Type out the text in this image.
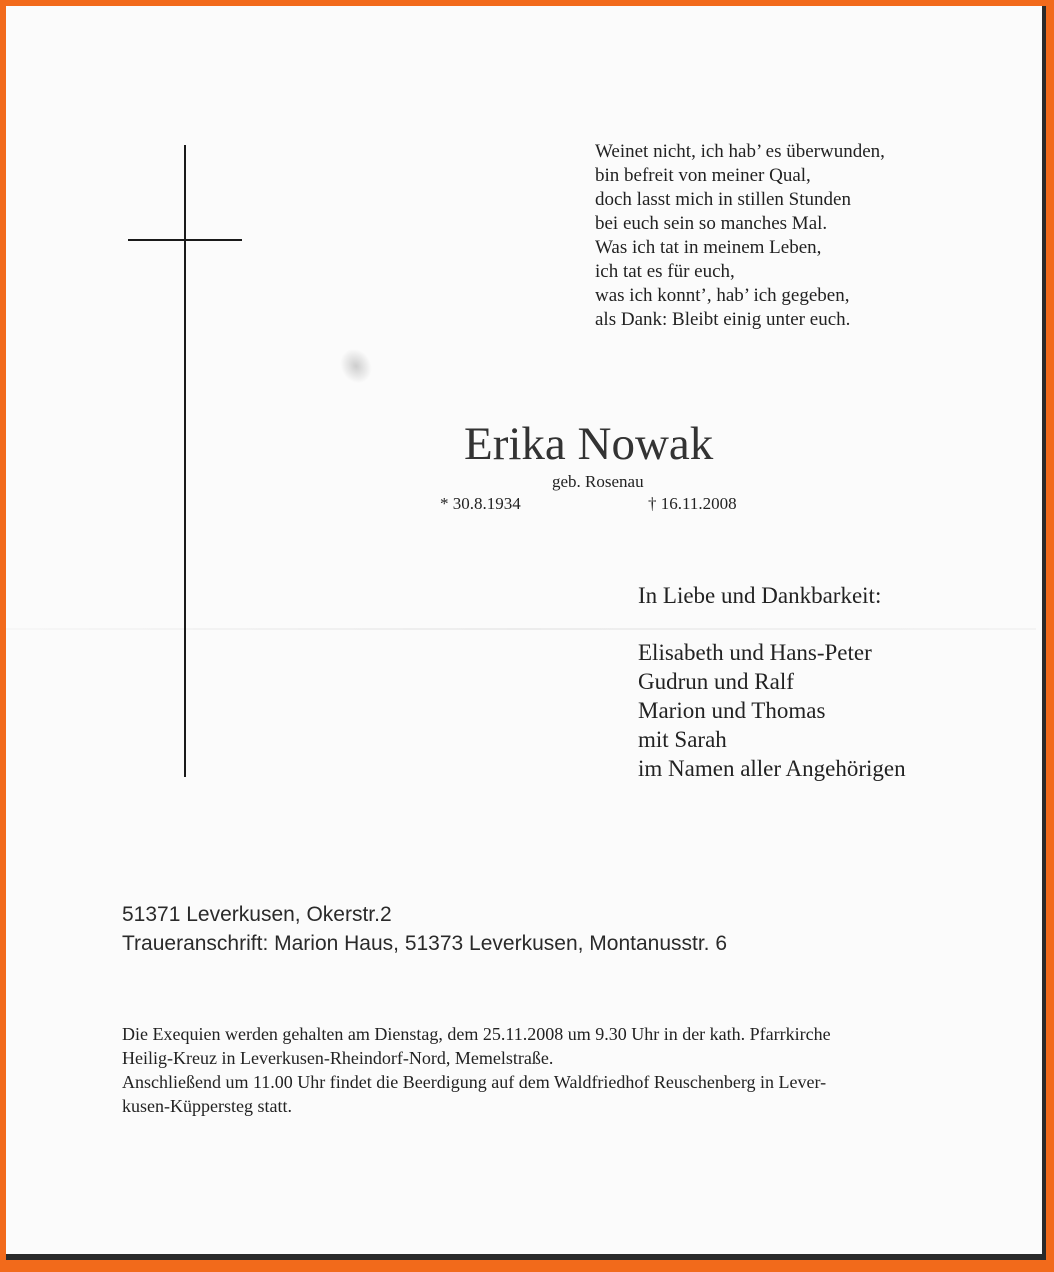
Weinet nicht, ich hab’ es überwunden,
bin befreit von meiner Qual,
doch lasst mich in stillen Stunden
bei euch sein so manches Mal.
Was ich tat in meinem Leben,
ich tat es für euch,
was ich konnt’, hab’ ich gegeben,
als Dank: Bleibt einig unter euch.
Erika Nowak
geb. Rosenau
* 30.8.1934	† 16.11.2008
In Liebe und Dankbarkeit:
Elisabeth und Hans-Peter
Gudrun und Ralf
Marion und Thomas
mit Sarah
im Namen aller Angehörigen
51371 Leverkusen, Okerstr.2
Traueranschrift: Marion Haus, 51373 Leverkusen, Montanusstr. 6
Die Exequien werden gehalten am Dienstag, dem 25.11.2008 um 9.30 Uhr in der kath. Pfarrkirche
Heilig-Kreuz in Leverkusen-Rheindorf-Nord, Memelstraße.
Anschließend um 11.00 Uhr findet die Beerdigung auf dem Waldfriedhof Reuschenberg in Lever-
kusen-Küppersteg statt.
